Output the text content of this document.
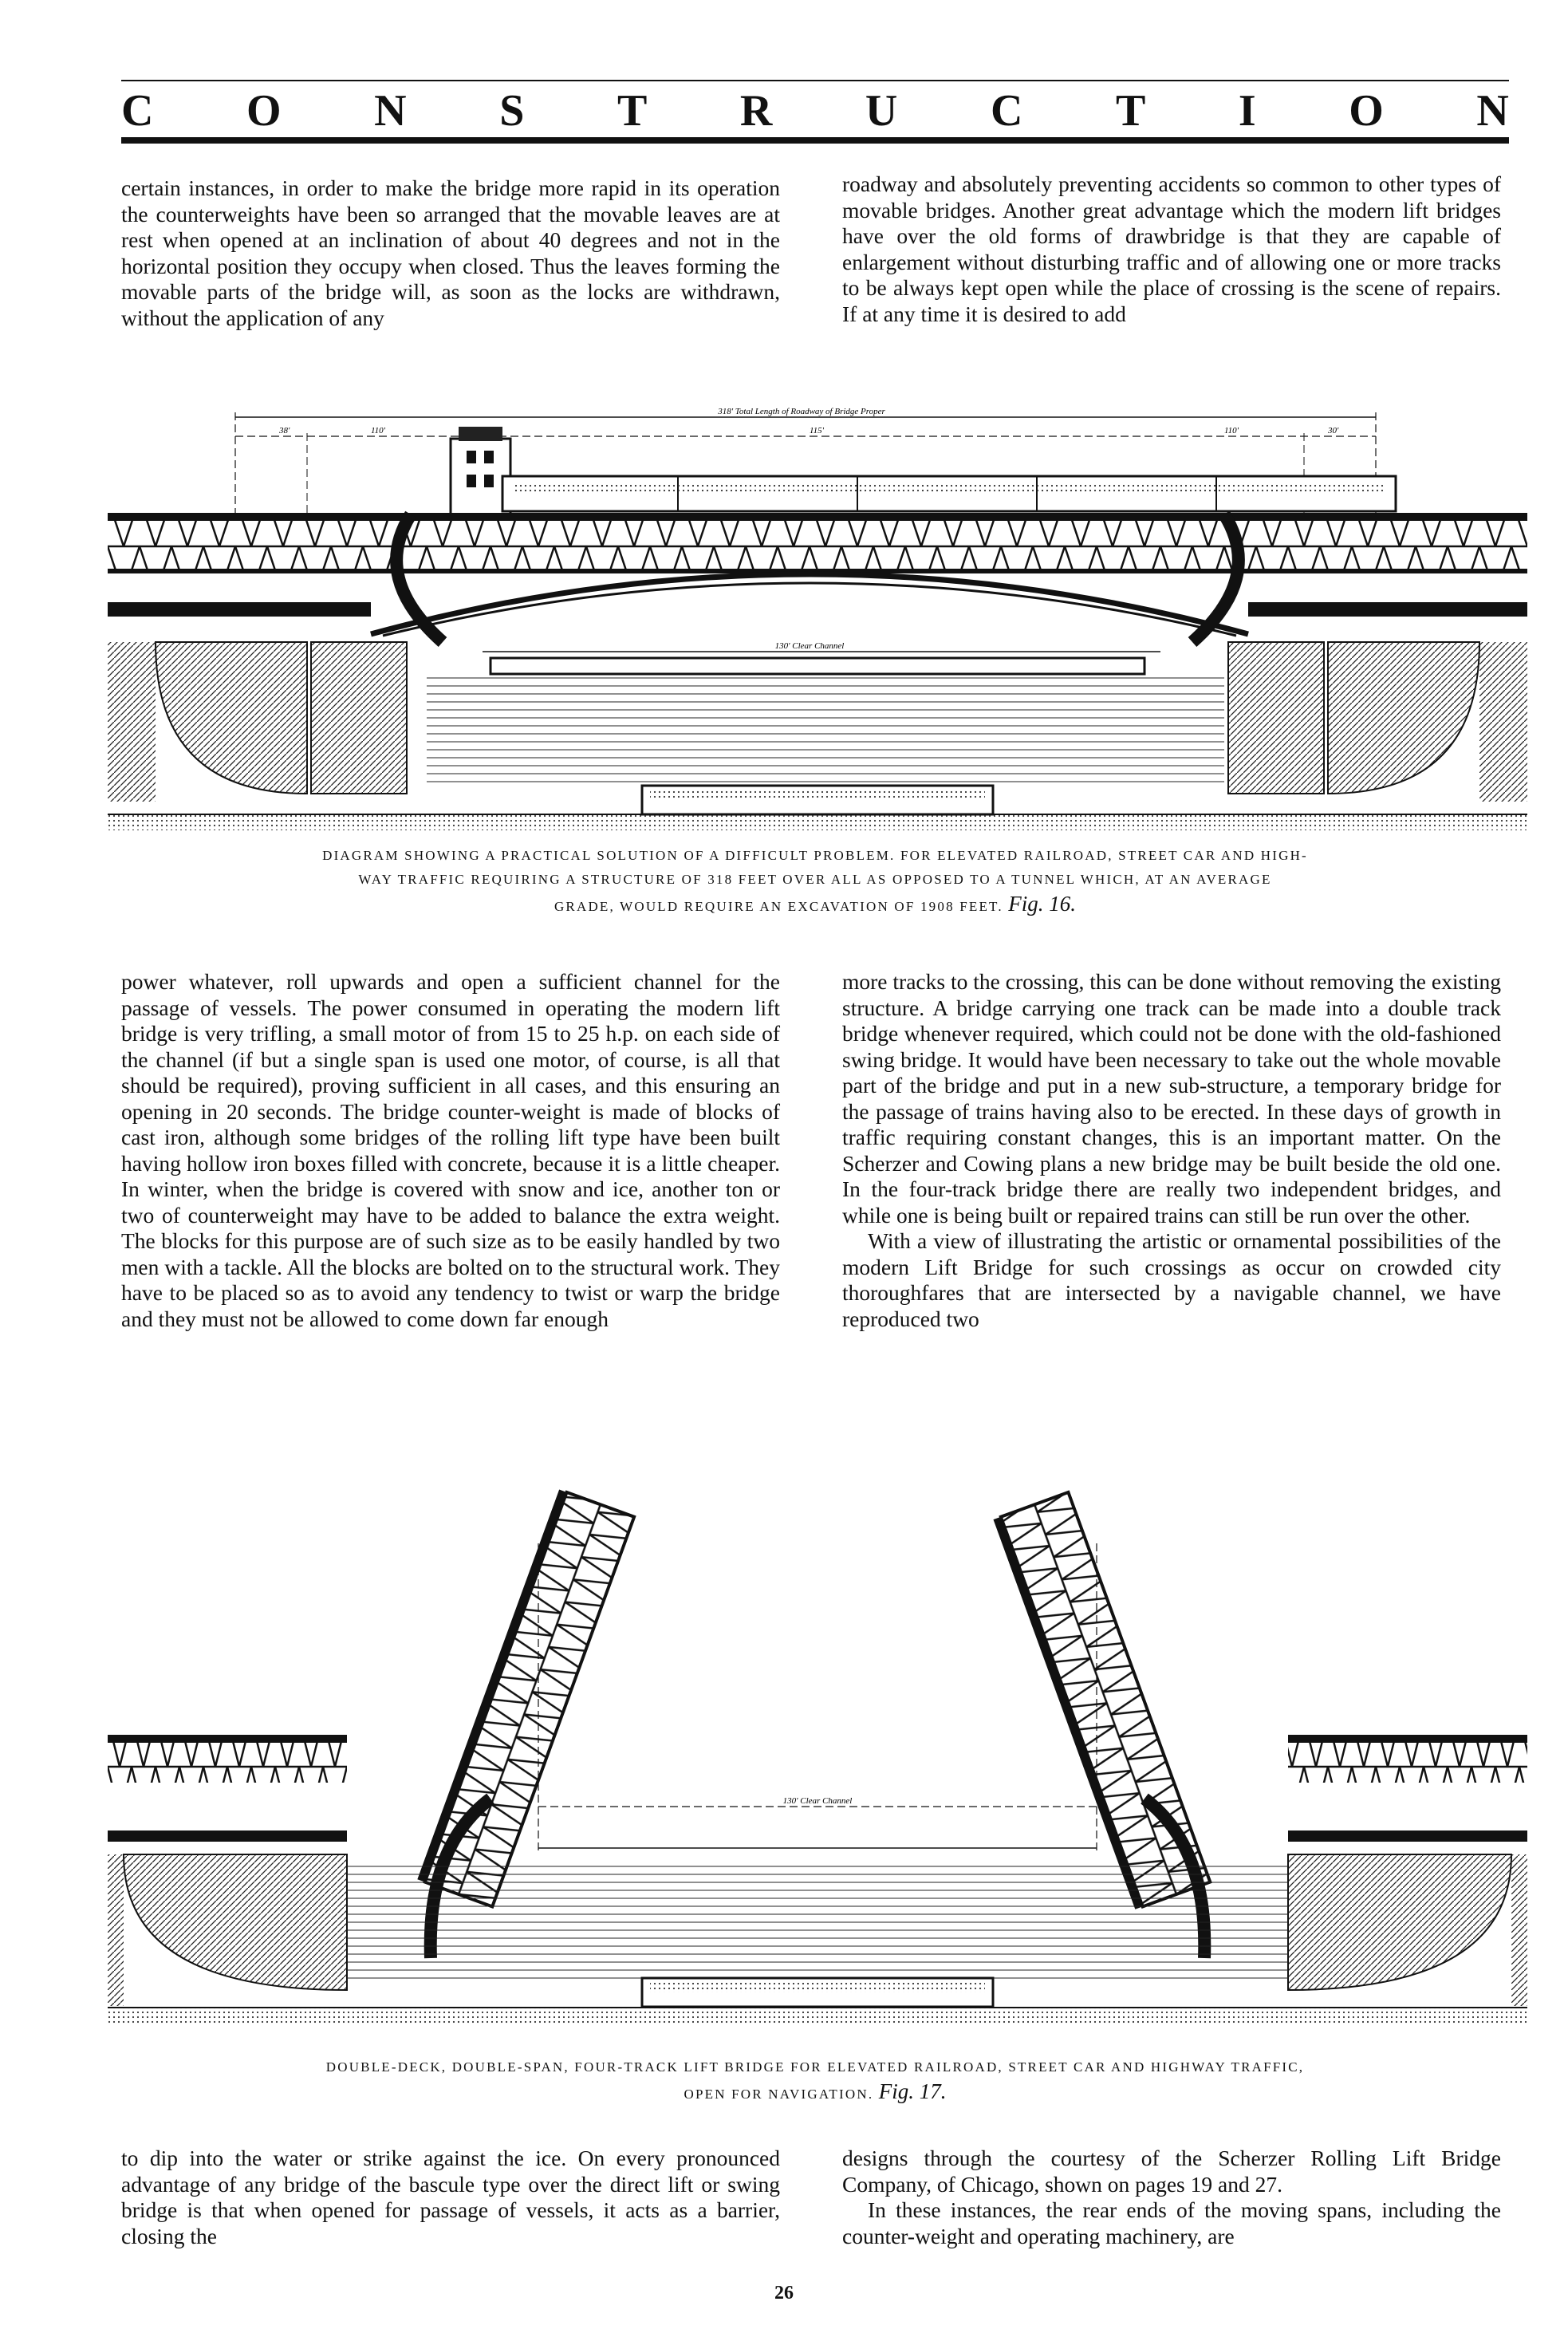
C O N S T R U C T I O N

certain instances, in order to make the bridge more rapid in its operation the counterweights have been so arranged that the movable leaves are at rest when opened at an inclination of about 40 degrees and not in the horizontal position they occupy when closed. Thus the leaves forming the movable parts of the bridge will, as soon as the locks are withdrawn, without the application of any

roadway and absolutely preventing accidents so common to other types of movable bridges. Another great advantage which the modern lift bridges have over the old forms of drawbridge is that they are capable of enlargement without disturbing traffic and of allowing one or more tracks to be always kept open while the place of crossing is the scene of repairs. If at any time it is desired to add

318' Total Length of Roadway of Bridge Proper
38'	110'	115'	110'	30'
130' Clear Channel
DIAGRAM SHOWING A PRACTICAL SOLUTION OF A DIFFICULT PROBLEM. FOR ELEVATED RAILROAD, STREET CAR AND HIGH-
WAY TRAFFIC REQUIRING A STRUCTURE OF 318 FEET OVER ALL AS OPPOSED TO A TUNNEL WHICH, AT AN AVERAGE
GRADE, WOULD REQUIRE AN EXCAVATION OF 1908 FEET. Fig. 16.

power whatever, roll upwards and open a sufficient channel for the passage of vessels. The power consumed in operating the modern lift bridge is very trifling, a small motor of from 15 to 25 h.p. on each side of the channel (if but a single span is used one motor, of course, is all that should be required), proving sufficient in all cases, and this ensuring an opening in 20 seconds. The bridge counter-weight is made of blocks of cast iron, although some bridges of the rolling lift type have been built having hollow iron boxes filled with concrete, because it is a little cheaper. In winter, when the bridge is covered with snow and ice, another ton or two of counterweight may have to be added to balance the extra weight. The blocks for this purpose are of such size as to be easily handled by two men with a tackle. All the blocks are bolted on to the structural work. They have to be placed so as to avoid any tendency to twist or warp the bridge and they must not be allowed to come down far enough

more tracks to the crossing, this can be done without removing the existing structure. A bridge carrying one track can be made into a double track bridge whenever required, which could not be done with the old-fashioned swing bridge. It would have been necessary to take out the whole movable part of the bridge and put in a new sub-structure, a temporary bridge for the passage of trains having also to be erected. In these days of growth in traffic requiring constant changes, this is an important matter. On the Scherzer and Cowing plans a new bridge may be built beside the old one. In the four-track bridge there are really two independent bridges, and while one is being built or repaired trains can still be run over the other.

With a view of illustrating the artistic or ornamental possibilities of the modern Lift Bridge for such crossings as occur on crowded city thoroughfares that are intersected by a navigable channel, we have reproduced two

130' Clear Channel
DOUBLE-DECK, DOUBLE-SPAN, FOUR-TRACK LIFT BRIDGE FOR ELEVATED RAILROAD, STREET CAR AND HIGHWAY TRAFFIC,
OPEN FOR NAVIGATION. Fig. 17.

to dip into the water or strike against the ice. On every pronounced advantage of any bridge of the bascule type over the direct lift or swing bridge is that when opened for passage of vessels, it acts as a barrier, closing the

designs through the courtesy of the Scherzer Rolling Lift Bridge Company, of Chicago, shown on pages 19 and 27.

In these instances, the rear ends of the moving spans, including the counter-weight and operating machinery, are

26
